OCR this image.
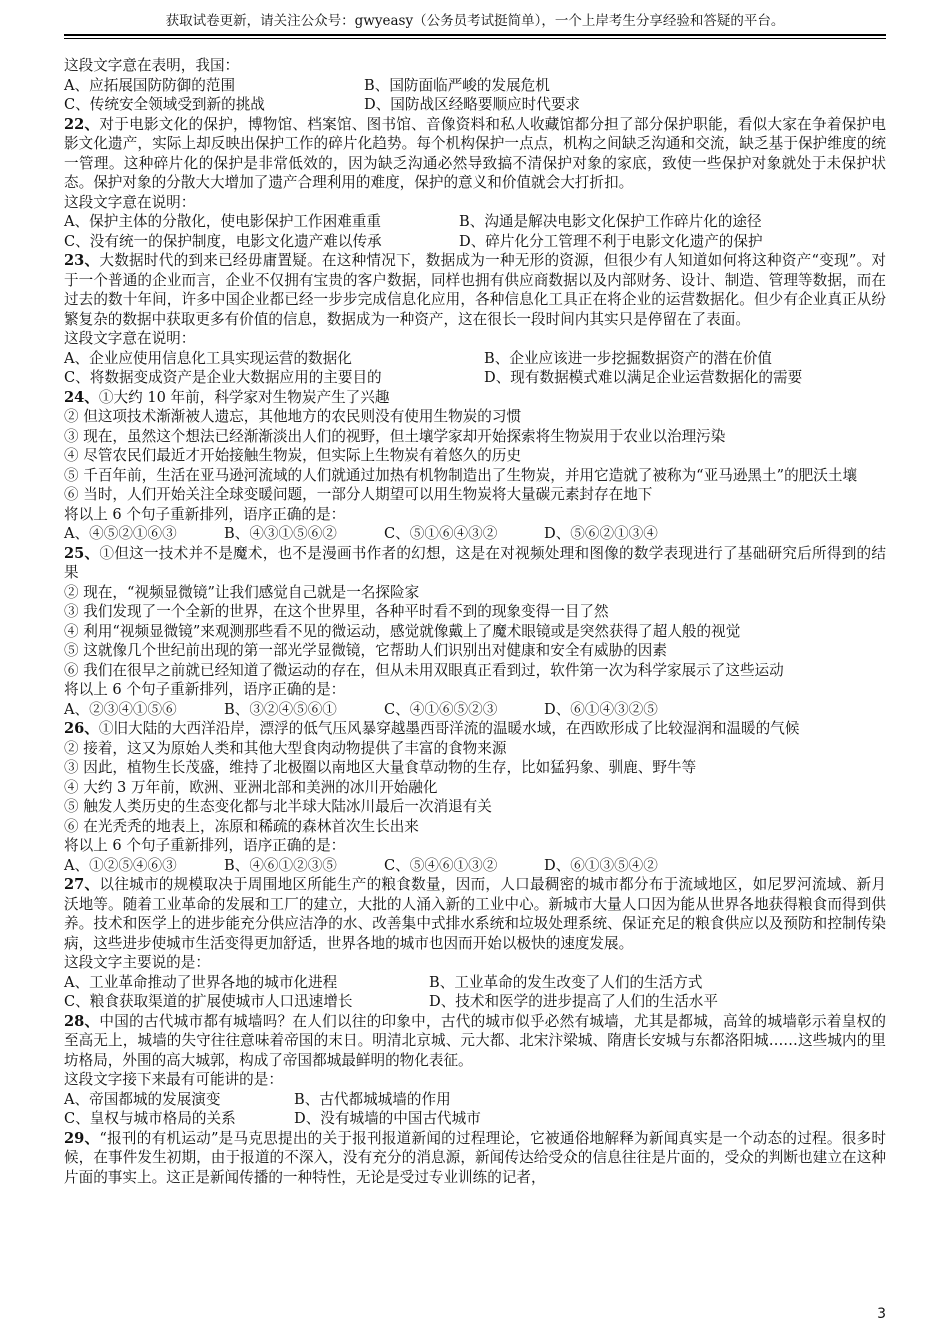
获取试卷更新，请关注公众号：gwyeasy（公务员考试挺简单），一个上岸考生分享经验和答疑的平台。

这段文字意在表明，我国：

A、应拓展国防防御的范围	B、国防面临严峻的发展危机
C、传统安全领域受到新的挑战	D、国防战区经略要顺应时代要求

22、对于电影文化的保护，博物馆、档案馆、图书馆、音像资料和私人收藏馆都分担了部分保护职能，看似大家在争着保护电影文化遗产，实际上却反映出保护工作的碎片化趋势。每个机构保护一点点，机构之间缺乏沟通和交流，缺乏基于保护维度的统一管理。这种碎片化的保护是非常低效的，因为缺乏沟通必然导致搞不清保护对象的家底，致使一些保护对象就处于未保护状态。保护对象的分散大大增加了遗产合理利用的难度，保护的意义和价值就会大打折扣。

这段文字意在说明：

A、保护主体的分散化，使电影保护工作困难重重	B、沟通是解决电影文化保护工作碎片化的途径
C、没有统一的保护制度，电影文化遗产难以传承	D、碎片化分工管理不利于电影文化遗产的保护

23、大数据时代的到来已经毋庸置疑。在这种情况下，数据成为一种无形的资源，但很少有人知道如何将这种资产“变现”。对于一个普通的企业而言，企业不仅拥有宝贵的客户数据，同样也拥有供应商数据以及内部财务、设计、制造、管理等数据，而在过去的数十年间，许多中国企业都已经一步步完成信息化应用，各种信息化工具正在将企业的运营数据化。但少有企业真正从纷繁复杂的数据中获取更多有价值的信息，数据成为一种资产，这在很长一段时间内其实只是停留在了表面。

这段文字意在说明：

A、企业应使用信息化工具实现运营的数据化	B、企业应该进一步挖掘数据资产的潜在价值
C、将数据变成资产是企业大数据应用的主要目的	D、现有数据模式难以满足企业运营数据化的需要

24、①大约 10 年前，科学家对生物炭产生了兴趣

② 但这项技术渐渐被人遗忘，其他地方的农民则没有使用生物炭的习惯

③ 现在，虽然这个想法已经渐渐淡出人们的视野，但土壤学家却开始探索将生物炭用于农业以治理污染

④ 尽管农民们最近才开始接触生物炭，但实际上生物炭有着悠久的历史

⑤ 千百年前，生活在亚马逊河流域的人们就通过加热有机物制造出了生物炭，并用它造就了被称为“亚马逊黑土”的肥沃土壤

⑥ 当时，人们开始关注全球变暖问题，一部分人期望可以用生物炭将大量碳元素封存在地下

将以上 6 个句子重新排列，语序正确的是：

A、④⑤②①⑥③	B、④③①⑤⑥②	C、⑤①⑥④③②	D、⑤⑥②①③④

25、①但这一技术并不是魔术，也不是漫画书作者的幻想，这是在对视频处理和图像的数学表现进行了基础研究后所得到的结果

② 现在，“视频显微镜”让我们感觉自己就是一名探险家

③ 我们发现了一个全新的世界，在这个世界里，各种平时看不到的现象变得一目了然

④ 利用“视频显微镜”来观测那些看不见的微运动，感觉就像戴上了魔术眼镜或是突然获得了超人般的视觉

⑤ 这就像几个世纪前出现的第一部光学显微镜，它帮助人们识别出对健康和安全有威胁的因素

⑥ 我们在很早之前就已经知道了微运动的存在，但从未用双眼真正看到过，软件第一次为科学家展示了这些运动

将以上 6 个句子重新排列，语序正确的是：

A、②③④①⑤⑥	B、③②④⑤⑥①	C、④①⑥⑤②③	D、⑥①④③②⑤

26、①旧大陆的大西洋沿岸，漂浮的低气压风暴穿越墨西哥洋流的温暖水域，在西欧形成了比较湿润和温暖的气候

② 接着，这又为原始人类和其他大型食肉动物提供了丰富的食物来源

③ 因此，植物生长茂盛，维持了北极圈以南地区大量食草动物的生存，比如猛犸象、驯鹿、野牛等

④ 大约 3 万年前，欧洲、亚洲北部和美洲的冰川开始融化

⑤ 触发人类历史的生态变化都与北半球大陆冰川最后一次消退有关

⑥ 在光秃秃的地表上，冻原和稀疏的森林首次生长出来

将以上 6 个句子重新排列，语序正确的是：

A、①②⑤④⑥③	B、④⑥①②③⑤	C、⑤④⑥①③②	D、⑥①③⑤④②

27、以往城市的规模取决于周围地区所能生产的粮食数量，因而，人口最稠密的城市都分布于流域地区，如尼罗河流域、新月沃地等。随着工业革命的发展和工厂的建立，大批的人涌入新的工业中心。新城市大量人口因为能从世界各地获得粮食而得到供养。技术和医学上的进步能充分供应洁净的水、改善集中式排水系统和垃圾处理系统、保证充足的粮食供应以及预防和控制传染病，这些进步使城市生活变得更加舒适，世界各地的城市也因而开始以极快的速度发展。

这段文字主要说的是：

A、工业革命推动了世界各地的城市化进程	B、工业革命的发生改变了人们的生活方式
C、粮食获取渠道的扩展使城市人口迅速增长	D、技术和医学的进步提高了人们的生活水平

28、中国的古代城市都有城墙吗？在人们以往的印象中，古代的城市似乎必然有城墙，尤其是都城，高耸的城墙彰示着皇权的至高无上，城墙的失守往往意味着帝国的末日。明清北京城、元大都、北宋汴梁城、隋唐长安城与东都洛阳城……这些城内的里坊格局，外围的高大城郭，构成了帝国都城最鲜明的物化表征。

这段文字接下来最有可能讲的是：

A、帝国都城的发展演变	B、古代都城城墙的作用
C、皇权与城市格局的关系	D、没有城墙的中国古代城市

29、“报刊的有机运动”是马克思提出的关于报刊报道新闻的过程理论，它被通俗地解释为新闻真实是一个动态的过程。很多时候，在事件发生初期，由于报道的不深入，没有充分的消息源，新闻传达给受众的信息往往是片面的，受众的判断也建立在这种片面的事实上。这正是新闻传播的一种特性，无论是受过专业训练的记者，

3
